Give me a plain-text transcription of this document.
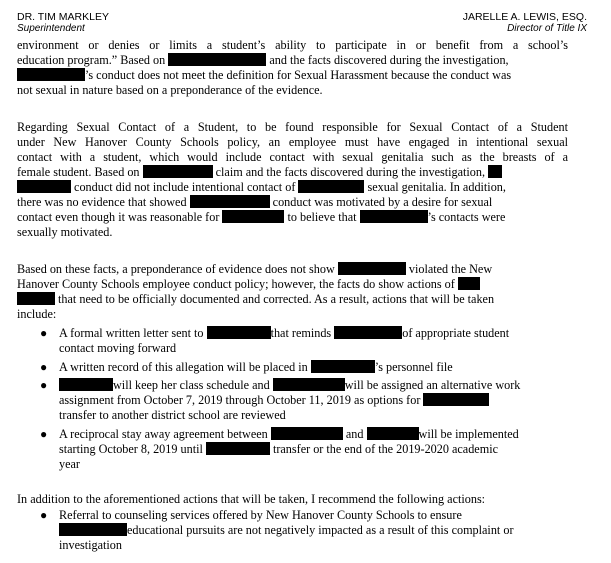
DR. TIM MARKLEY
Superintendent
JARELLE A. LEWIS, ESQ.
Director of Title IX
environment or denies or limits a student’s ability to participate in or benefit from a school’s
education program.” Based on	and the facts discovered during the investigation,
’s conduct does not meet the definition for Sexual Harassment because the conduct was
not sexual in nature based on a preponderance of the evidence.
Regarding Sexual Contact of a Student, to be found responsible for Sexual Contact of a Student
under New Hanover County Schools policy, an employee must have engaged in intentional sexual
contact with a student, which would include contact with sexual genitalia such as the breasts of a
female student. Based on	claim and the facts discovered during the investigation,
conduct did not include intentional contact of	sexual genitalia. In addition,
there was no evidence that showed	conduct was motivated by a desire for sexual
contact even though it was reasonable for	to believe that	’s contacts were
sexually motivated.
Based on these facts, a preponderance of evidence does not show	violated the New
Hanover County Schools employee conduct policy; however, the facts do show actions of
that need to be officially documented and corrected. As a result, actions that will be taken
include:
● A formal written letter sent to	that reminds	of appropriate student
contact moving forward
● A written record of this allegation will be placed in	’s personnel file
●	will keep her class schedule and	will be assigned an alternative work
assignment from October 7, 2019 through October 11, 2019 as options for
transfer to another district school are reviewed
● A reciprocal stay away agreement between	and	will be implemented
starting October 8, 2019 until	transfer or the end of the 2019-2020 academic
year
In addition to the aforementioned actions that will be taken, I recommend the following actions:
● Referral to counseling services offered by New Hanover County Schools to ensure
educational pursuits are not negatively impacted as a result of this complaint or
investigation
